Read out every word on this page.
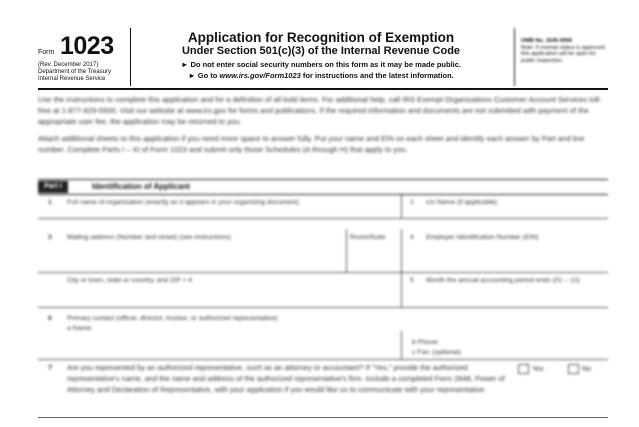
Form 1023
(Rev. December 2017)
Department of the Treasury
Internal Revenue Service
Application for Recognition of Exemption
Under Section 501(c)(3) of the Internal Revenue Code
► Do not enter social security numbers on this form as it may be made public.
► Go to www.irs.gov/Form1023 for instructions and the latest information.
OMB No. 1545-0056
Note: If exempt status is approved, this application will be open for public inspection.

Use the instructions to complete this application and for a definition of all bold items. For additional help, call IRS Exempt Organizations Customer Account Services toll-free at 1-877-829-5500. Visit our website at www.irs.gov for forms and publications. If the required information and documents are not submitted with payment of the appropriate user fee, the application may be returned to you.

Attach additional sheets to this application if you need more space to answer fully. Put your name and EIN on each sheet and identify each answer by Part and line number. Complete Parts I – XI of Form 1023 and submit only those Schedules (A through H) that apply to you.

Part I	Identification of Applicant
1 Full name of organization (exactly as it appears in your organizing document)	2 c/o Name (if applicable)
3 Mailing address (Number and street) (see instructions)	Room/Suite	4 Employer Identification Number (EIN)
City or town, state or country, and ZIP + 4	5 Month the annual accounting period ends (01 – 12)
6 Primary contact (officer, director, trustee, or authorized representative)
a Name:
b Phone:
c Fax: (optional)
7 Are you represented by an authorized representative, such as an attorney or accountant? If "Yes," provide the authorized representative's name, and the name and address of the authorized representative's firm. Include a completed Form 2848, Power of Attorney and Declaration of Representative, with your application if you would like us to communicate with your representative.
Yes	No
